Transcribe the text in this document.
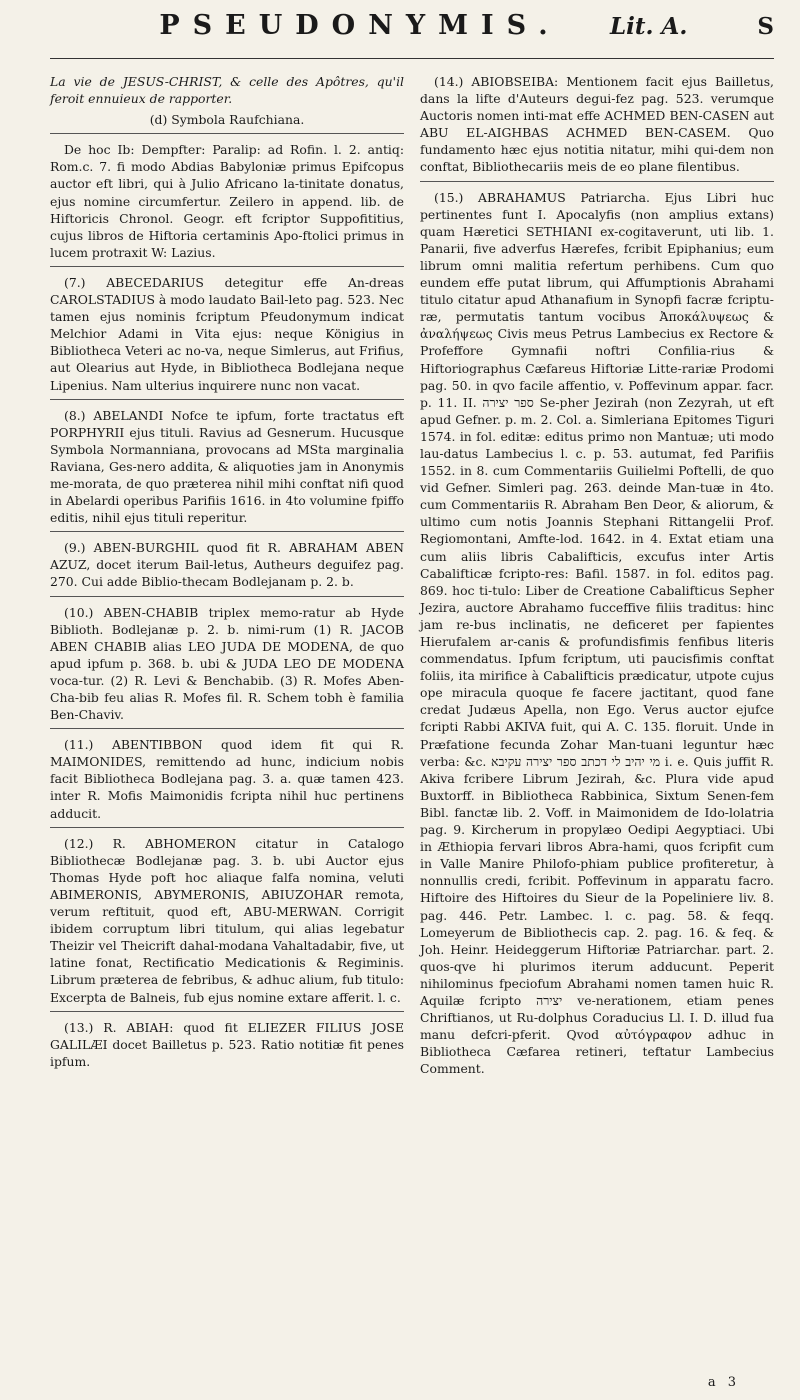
PSEUDONYMIS.	Lit. A.	S

La vie de JESUS-CHRIST, & celle des Apôtres, qu'il feroit ennuieux de rapporter.

(d) Symbola Raufchiana.

De hoc Ib: Dempfter: Paralip: ad Rofin. l. 2. antiq: Rom.c. 7. fi modo Abdias Babyloniæ primus Epifcopus auctor eft libri, qui à Julio Africano la-tinitate donatus, ejus nomine circumfertur. Zeilero in append. lib. de Hiftoricis Chronol. Geogr. eft fcriptor Suppofititius, cujus libros de Hiftoria certaminis Apo-ftolici primus in lucem protraxit W: Lazius.

(7.) ABECEDARIUS detegitur effe An-dreas CAROLSTADIUS à modo laudato Bail-leto pag. 523. Nec tamen ejus nominis fcriptum Pfeudonymum indicat Melchior Adami in Vita ejus: neque Königius in Bibliotheca Veteri ac no-va, neque Simlerus, aut Frifius, aut Olearius aut Hyde, in Bibliotheca Bodlejana neque Lipenius. Nam ulterius inquirere nunc non vacat.

(8.) ABELANDI Nofce te ipfum, forte tractatus eft PORPHYRII ejus tituli. Ravius ad Gesnerum. Hucusque Symbola Normanniana, provocans ad MSta marginalia Raviana, Ges-nero addita, & aliquoties jam in Anonymis me-morata, de quo præterea nihil mihi conftat nifi quod in Abelardi operibus Parifiis 1616. in 4to volumine fpiffo editis, nihil ejus tituli reperitur.

(9.) ABEN-BURGHIL quod fit R. ABRAHAM ABEN AZUZ, docet iterum Bail-letus, Autheurs deguifez pag. 270. Cui adde Biblio-thecam Bodlejanam p. 2. b.

(10.) ABEN-CHABIB triplex memo-ratur ab Hyde Biblioth. Bodlejanæ p. 2. b. nimi-rum (1) R. JACOB ABEN CHABIB alias LEO JUDA DE MODENA, de quo apud ipfum p. 368. b. ubi & JUDA LEO DE MODENA voca-tur. (2) R. Levi & Benchabib. (3) R. Mofes Aben-Cha-bib feu alias R. Mofes fil. R. Schem tobh è familia Ben-Chaviv.

(11.) ABENTIBBON quod idem fit qui R. MAIMONIDES, remittendo ad hunc, indicium nobis facit Bibliotheca Bodlejana pag. 3. a. quæ tamen 423. inter R. Mofis Maimonidis fcripta nihil huc pertinens adducit.

(12.) R. ABHOMERON citatur in Catalogo Bibliothecæ Bodlejanæ pag. 3. b. ubi Auctor ejus Thomas Hyde poft hoc aliaque falfa nomina, veluti ABIMERONIS, ABYMERONIS, ABIUZOHAR remota, verum reftituit, quod eft, ABU-MERWAN. Corrigit ibidem corruptum libri titulum, qui alias legebatur Theizir vel Theicrift dahal-modana Vahaltadabir, five, ut latine fonat, Rectificatio Medicationis & Regiminis. Librum præterea de febribus, & adhuc alium, fub titulo: Excerpta de Balneis, fub ejus nomine extare afferit. l. c.

(13.) R. ABIAH: quod fit ELIEZER FILIUS JOSE GALILÆI docet Bailletus p. 523. Ratio notitiæ fit penes ipfum.

(14.) ABIOBSEIBA: Mentionem facit ejus Bailletus, dans la lifte d'Auteurs degui-fez pag. 523. verumque Auctoris nomen inti-mat effe ACHMED BEN-CASEN aut ABU EL-AIGHBAS ACHMED BEN-CASEM. Quo fundamento hæc ejus notitia nitatur, mihi qui-dem non conftat, Bibliothecariis meis de eo plane filentibus.

(15.) ABRAHAMUS Patriarcha. Ejus Libri huc pertinentes funt I. Apocalyfis (non amplius extans) quam Hæretici SETHIANI ex-cogitaverunt, uti lib. 1. Panarii, five adverfus Hærefes, fcribit Epiphanius; eum librum omni malitia refertum perhibens. Cum quo eundem effe putat librum, qui Affumptionis Abrahami titulo citatur apud Athanafium in Synopfi facræ fcriptu-ræ, permutatis tantum vocibus Ἀποκάλυψεως & ἀναλήψεως Civis meus Petrus Lambecius ex Rectore & Profeffore Gymnafii noftri Confilia-rius & Hiftoriographus Cæfareus Hiftoriæ Litte-rariæ Prodomi pag. 50. in qvo facile affentio, v. Poffevinum appar. facr. p. 11. II. ספר יצירה Se-pher Jezirah (non Zezyrah, ut eft apud Gefner. p. m. 2. Col. a. Simleriana Epitomes Tiguri 1574. in fol. editæ: editus primo non Mantuæ; uti modo lau-datus Lambecius l. c. p. 53. autumat, fed Parifiis 1552. in 8. cum Commentariis Guilielmi Poftelli, de quo vid Gefner. Simleri pag. 263. deinde Man-tuæ in 4to. cum Commentariis R. Abraham Ben Deor, & aliorum, & ultimo cum notis Joannis Stephani Rittangelii Prof. Regiomontani, Amfte-lod. 1642. in 4. Extat etiam una cum aliis libris Cabalifticis, excufus inter Artis Cabalifticæ fcripto-res: Bafil. 1587. in fol. editos pag. 869. hoc ti-tulo: Liber de Creatione Cabalifticus Sepher Jezira, auctore Abrahamo fucceffive filiis traditus: hinc jam re-bus inclinatis, ne deficeret per fapientes Hierufalem ar-canis & profundisfimis fenfibus literis commendatus. Ipfum fcriptum, uti paucisfimis conftat foliis, ita mirifice à Cabalifticis prædicatur, utpote cujus ope miracula quoque fe facere jactitant, quod fane credat Judæus Apella, non Ego. Verus auctor ejufce fcripti Rabbi AKIVA fuit, qui A. C. 135. floruit. Unde in Præfatione fecunda Zohar Man-tuani leguntur hæc verba: &c. מי יהיב לי דכתב ספר יצירה עקיבא i. e. Quis juffit R. Akiva fcribere Librum Jezirah, &c. Plura vide apud Buxtorff. in Bibliotheca Rabbinica, Sixtum Senen-fem Bibl. fanctæ lib. 2. Voff. in Maimonidem de Ido-lolatria pag. 9. Kircherum in propylæo Oedipi Aegyptiaci. Ubi in Æthiopia fervari libros Abra-hami, quos fcripfit cum in Valle Manire Philofo-phiam publice profiteretur, à nonnullis credi, fcribit. Poffevinum in apparatu facro. Hiftoire des Hiftoires du Sieur de la Popeliniere liv. 8. pag. 446. Petr. Lambec. l. c. pag. 58. & feqq. Lomeyerum de Bibliothecis cap. 2. pag. 16. & feq. & Joh. Heinr. Heideggerum Hiftoriæ Patriarchar. part. 2. quos-qve hi plurimos iterum adducunt. Peperit nihilominus fpeciofum Abrahami nomen tamen huic R. Aquilæ fcripto יצירה ve-nerationem, etiam penes Chriftianos, ut Ru-dolphus Coraducius Ll. I. D. illud fua manu defcri-pferit. Qvod αὐτόγραφον adhuc in Bibliotheca Cæfarea retineri, teftatur Lambecius Comment.

a 3
